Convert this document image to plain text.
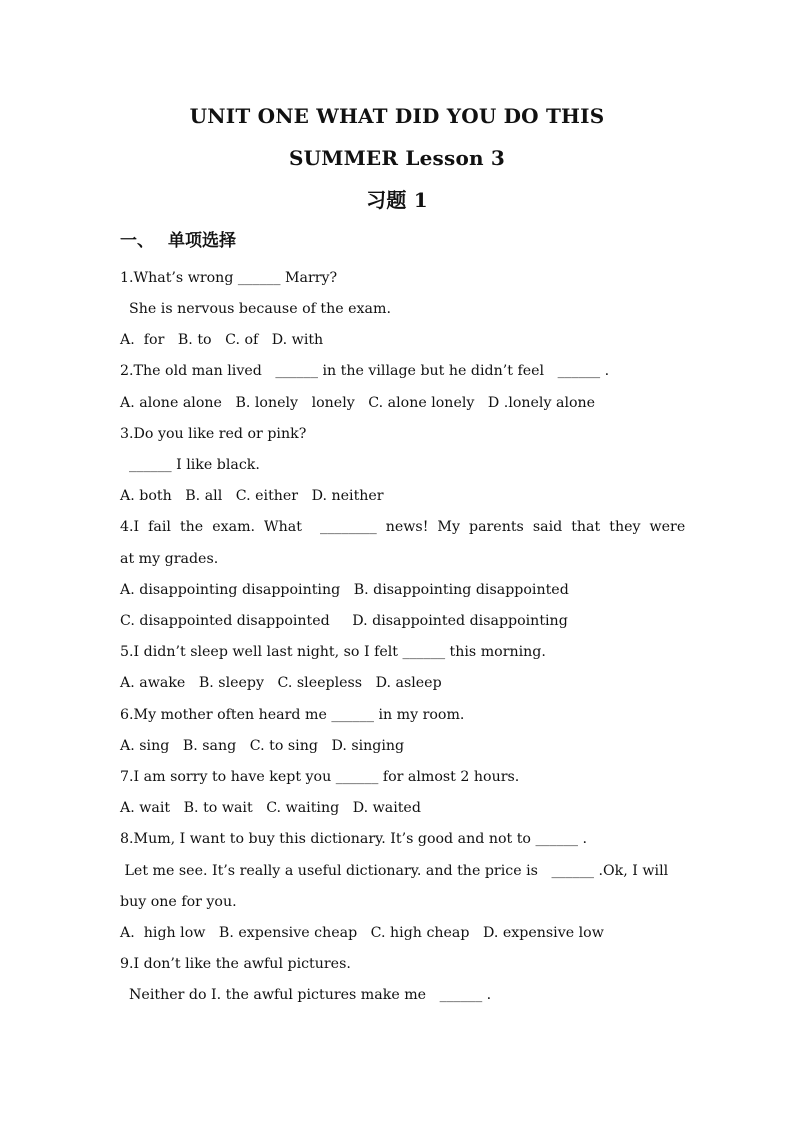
UNIT ONE WHAT DID YOU DO THIS
SUMMER Lesson 3
习题 1
一、 单项选择
1.What’s wrong ______ Marry?
She is nervous because of the exam.
A.  for   B. to   C. of   D. with
2.The old man lived   ______ in the village but he didn’t feel   ______ .
A. alone alone   B. lonely   lonely   C. alone lonely   D .lonely alone
3.Do you like red or pink?
______ I like black.
A. both   B. all   C. either   D. neither
4.I  fail  the  exam.  What    ________  news!  My  parents  said  that  they  were
at my grades.
A. disappointing disappointing   B. disappointing disappointed
C. disappointed disappointed     D. disappointed disappointing
5.I didn’t sleep well last night, so I felt ______ this morning.
A. awake   B. sleepy   C. sleepless   D. asleep
6.My mother often heard me ______ in my room.
A. sing   B. sang   C. to sing   D. singing
7.I am sorry to have kept you ______ for almost 2 hours.
A. wait   B. to wait   C. waiting   D. waited
8.Mum, I want to buy this dictionary. It’s good and not to ______ .
Let me see. It’s really a useful dictionary. and the price is   ______ .Ok, I will
buy one for you.
A.  high low   B. expensive cheap   C. high cheap   D. expensive low
9.I don’t like the awful pictures.
Neither do I. the awful pictures make me   ______ .
